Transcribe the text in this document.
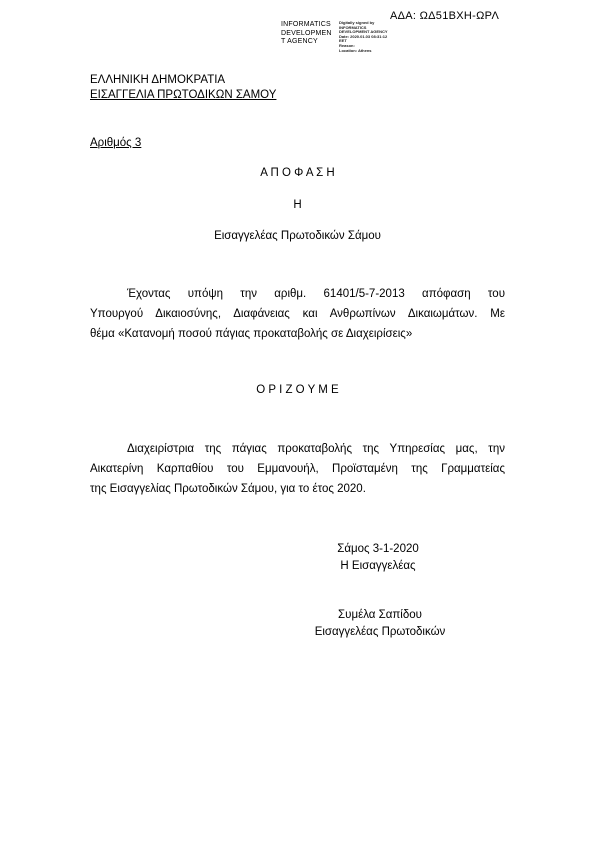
ΑΔΑ: ΩΔ51ΒΧΗ-ΩΡΛ
INFORMATICS
DEVELOPMEN
T AGENCY
Digitally signed by
INFORMATICS
DEVELOPMENT AGENCY
Date: 2020.01.03 08:31:12
EET
Reason:
Location: Athens
ΕΛΛΗΝΙΚΗ ΔΗΜΟΚΡΑΤΙΑ
ΕΙΣΑΓΓΕΛΙΑ ΠΡΩΤΟΔΙΚΩΝ ΣΑΜΟΥ
Αριθμός 3
Α Π Ο Φ Α Σ Η
Η
Εισαγγελέας Πρωτοδικών Σάμου
Έχοντας υπόψη την αριθμ. 61401/5-7-2013 απόφαση του
Υπουργού Δικαιοσύνης, Διαφάνειας και Ανθρωπίνων Δικαιωμάτων. Με
θέμα «Κατανομή ποσού πάγιας προκαταβολής σε Διαχειρίσεις»
Ο Ρ Ι Ζ Ο Υ Μ Ε
Διαχειρίστρια της πάγιας προκαταβολής της Υπηρεσίας μας, την
Αικατερίνη Καρπαθίου του Εμμανουήλ, Προϊσταμένη της Γραμματείας
της Εισαγγελίας Πρωτοδικών Σάμου, για το έτος 2020.
Σάμος 3-1-2020
Η Εισαγγελέας
Συμέλα Σαπίδου
Εισαγγελέας Πρωτοδικών
